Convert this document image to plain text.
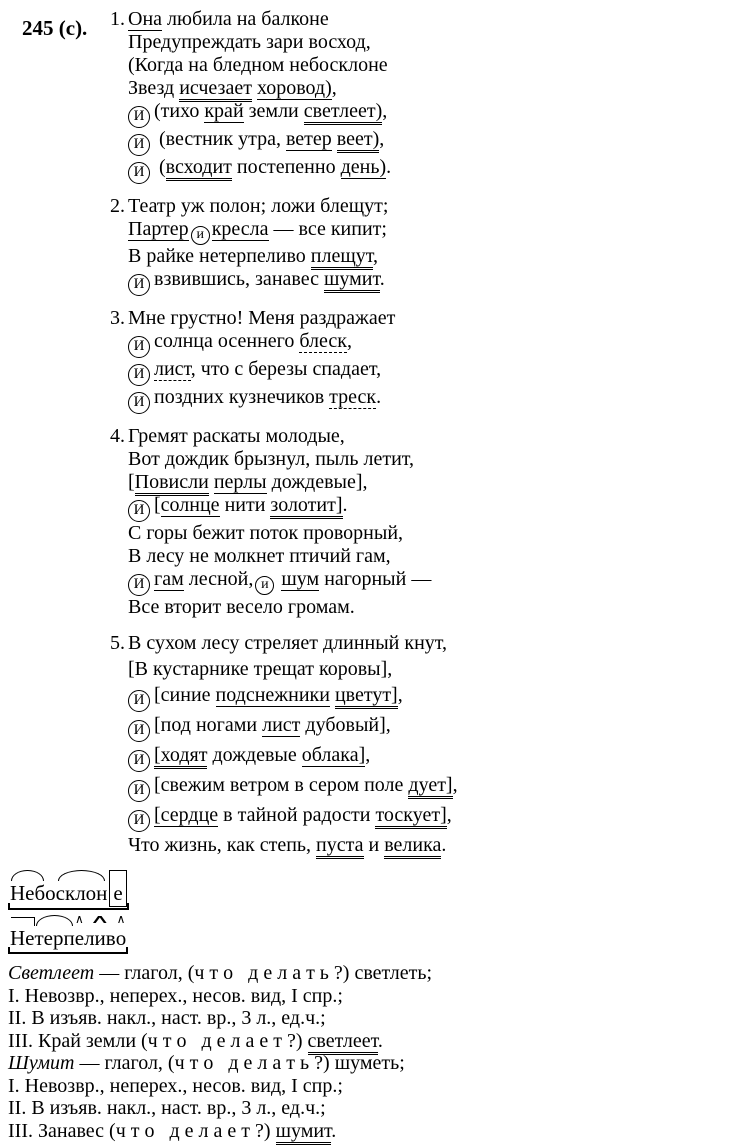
245 (с). 1. Она любила на балконе
Предупреждать зари восход,
(Когда на бледном небосклоне
Звезд исчезает хоровод),
И (тихо край земли светлеет),
И (вестник утра, ветер веет),
И (всходит постепенно день).
2. Театр уж полон; ложи блещут;
Партер и кресла — все кипит;
В райке нетерпеливо плещут,
И взвившись, занавес шумит.
3. Мне грустно! Меня раздражает
И солнца осеннего блеск,
И лист, что с березы спадает,
И поздних кузнечиков треск.
4. Гремят раскаты молодые,
Вот дождик брызнул, пыль летит,
[Повисли перлы дождевые],
И [солнце нити золотит].
С горы бежит поток проворный,
В лесу не молкнет птичий гам,
И гам лесной, и шум нагорный —
Все вторит весело громам.
5. В сухом лесу стреляет длинный кнут,
[В кустарнике трещат коровы],
И [синие подснежники цветут],
И [под ногами лист дубовый],
И [ходят дождевые облака],
И [свежим ветром в сером поле дует],
И [сердце в тайной радости тоскует],
Что жизнь, как степь, пуста и велика.
Небосклон е
Нетерп∧ е∧ лив∧ о
Светлеет — глагол, (ч т о   д е л а т ь ?) светлеть;
I. Невозвр., неперех., несов. вид, I спр.;
II. В изъяв. накл., наст. вр., 3 л., ед.ч.;
III. Край земли (ч т о   д е л а е т ?) светлеет.
Шумит — глагол, (ч т о   д е л а т ь ?) шуметь;
I. Невозвр., неперех., несов. вид, I спр.;
II. В изъяв. накл., наст. вр., 3 л., ед.ч.;
III. Занавес (ч т о   д е л а е т ?) шумит.
